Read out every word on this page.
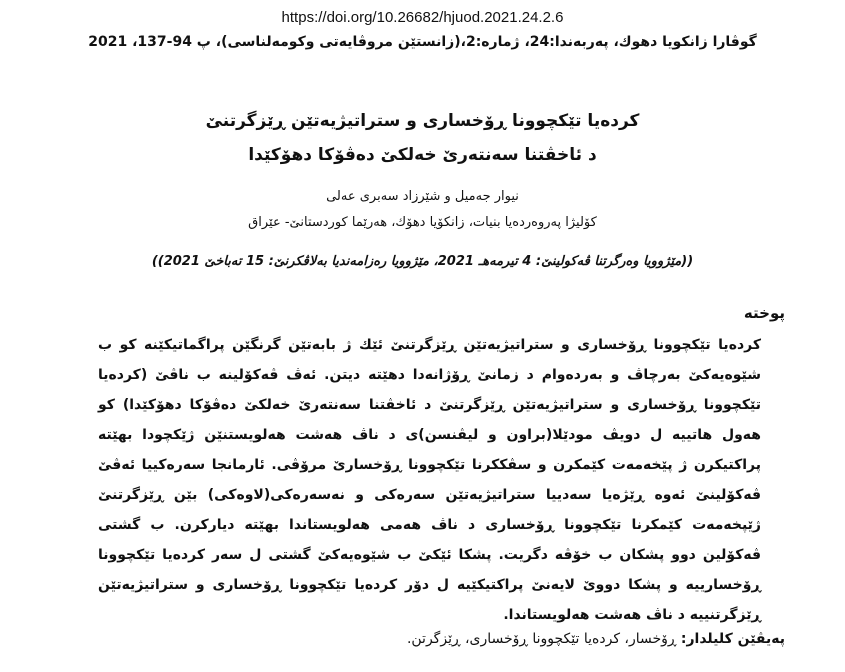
https://doi.org/10.26682/hjuod.2021.24.2.6
گوڤارا زانكویا دهوك، پەربەندا:24، ژمارە:2،(زانستێن مروڤایەتی وكومەلناسى)، پ 94-137، 2021
كردەیا تێكچوونا ڕۆخسارى و ستراتیژیەتێن ڕێزگرتنێ
د ئاخڤتنا سەنتەرێ خەلكێ دەڤۆكا دهۆكێدا
نیوار جەمیل و شێرزاد سەبرى عەلى
كۆلیژا پەروەردەیا بنیات، زانكۆیا دهۆك، هەرێما كوردستانێ- عێراق
((مێژوویا وەرگرتنا ڤەكولینێ: 4 تیرمەهـ 2021، مێژوویا رەزامەندیا بەلاڤكرنێ: 15 تەباخێ 2021))
پوختە
كردەیا تێكچوونا ڕۆخسارى و ستراتیژیەتێن ڕێزگرتنێ ئێك ژ بابەتێن گرنگێن پراگماتیكێنە كو ب شێوەیەكێ بەرچاڤ و بەردەوام د زمانێ ڕۆژانەدا دهێتە دیتن. ئەڤ ڤەكۆلینە ب ناڤێ (كردەیا تێكچوونا ڕۆخسارى و ستراتیژیەتێن ڕێزگرتنێ د ئاخڤتنا سەنتەرێ خەلكێ دەڤۆكا دهۆكێدا) كو هەول هاتییە ل دویڤ مودێلا(براون و لیڤنسن)ى د ناڤ هەشت هەلویستنێن ژێكچودا بهێتە پراكتیكرن ژ پێخەمەت كێمكرن و سڤككرنا تێكچوونا ڕۆخسارێ مرۆڤى. ئارمانجا سەرەكییا ئەڤێ ڤەكۆلینێ ئەوە ڕێژەیا سەدییا ستراتیژیەتێن سەرەكى و نەسەرەكى(لاوەكى) بێن ڕێزگرتنێ ژێپخەمەت كێمكرنا تێكچوونا ڕۆخسارى د ناڤ هەمى هەلویستاندا بهێتە دیاركرن. ب گشتى ڤەكۆلین دوو پشكان ب خۆڤە دگریت. پشكا ئێكێ ب شێوەیەكێ گشتى ل سەر كردەیا تێكچوونا ڕۆخسارییە و پشكا دووێ لایەنێ پراكتیكێیە ل دۆر كردەیا تێكچوونا ڕۆخسارى و ستراتیژیەتێن ڕێزگرتنییە د ناڤ هەشت هەلویستاندا.
پەیڤێن كلیلدار: ڕۆخسار، كردەیا تێكچوونا ڕۆخسارى، ڕێزگرتن.
